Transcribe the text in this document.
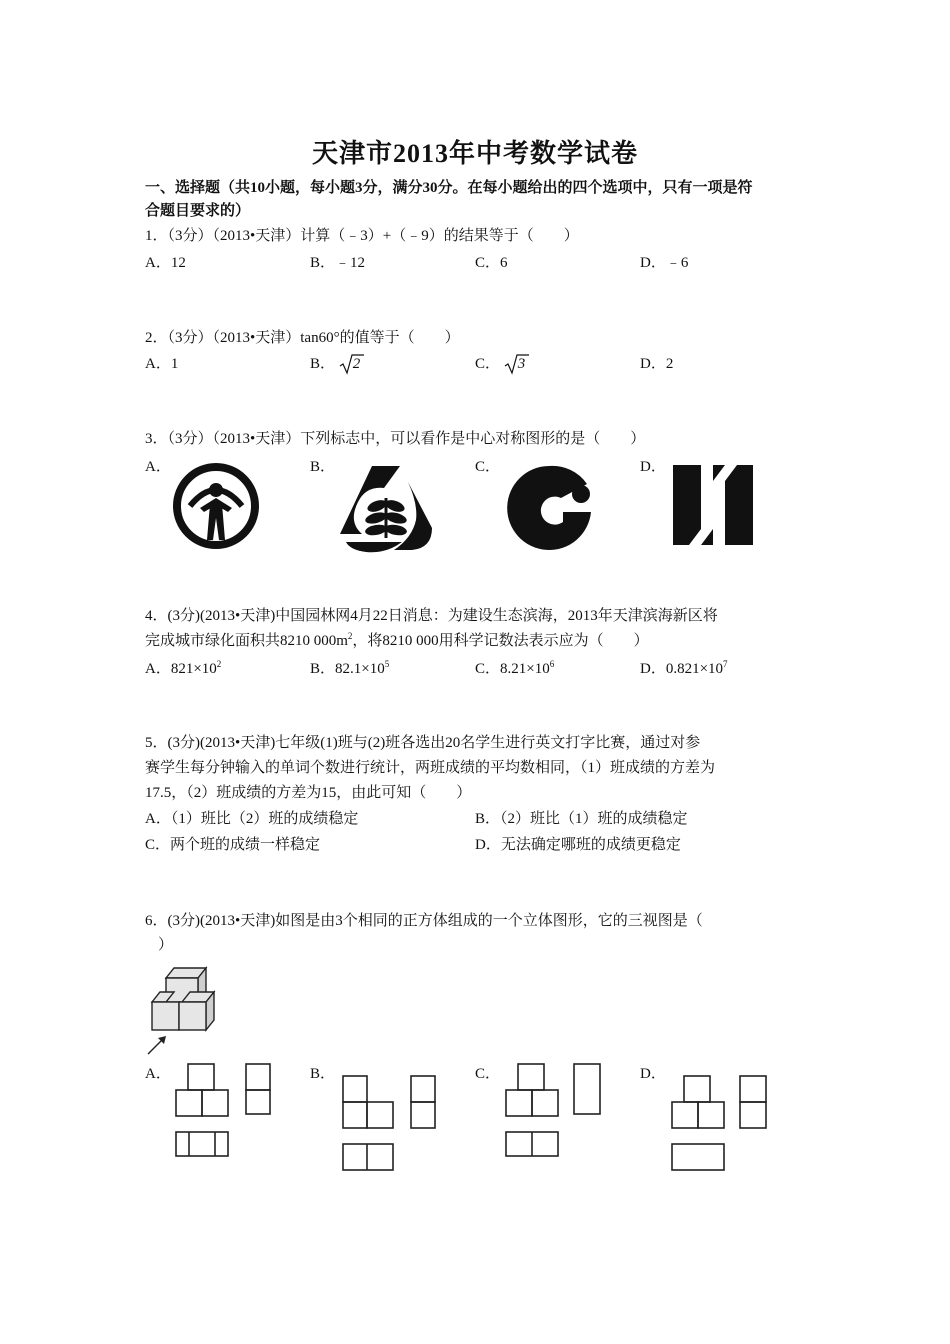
天津市2013年中考数学试卷
一、选择题（共10小题，每小题3分，满分30分。在每小题给出的四个选项中，只有一项是符
合题目要求的）
1．（3分）（2013•天津）计算（﹣3）+（﹣9）的结果等于（　　）
A．12	B．﹣12	C．6	D．﹣6
2．（3分）（2013•天津）tan60°的值等于（　　）
A．1	B． 2	C． 3	D．2
3．（3分）（2013•天津）下列标志中，可以看作是中心对称图形的是（　　）
A．	B．	C．	D．
4．(3分)(2013•天津)中国园林网4月22日消息：为建设生态滨海，2013年天津滨海新区将
完成城市绿化面积共8210 $000m^2$，将8210 000用科学记数法表示应为（　　）
A．$821\times 10^2$	B．$82.1\times 10^5$	C．$8.21\times 10^6$	D．$0.821\times 10^7$
5．(3分)(2013•天津)七年级(1)班与(2)班各选出20名学生进行英文打字比赛，通过对参
赛学生每分钟输入的单词个数进行统计，两班成绩的平均数相同，（1）班成绩的方差为
17.5，（2）班成绩的方差为15，由此可知（　　）
A．（1）班比（2）班的成绩稳定	B．（2）班比（1）班的成绩稳定
C．两个班的成绩一样稳定	D．无法确定哪班的成绩更稳定
6．(3分)(2013•天津)如图是由3个相同的正方体组成的一个立体图形，它的三视图是（
）
A．	B．	C．	D．
